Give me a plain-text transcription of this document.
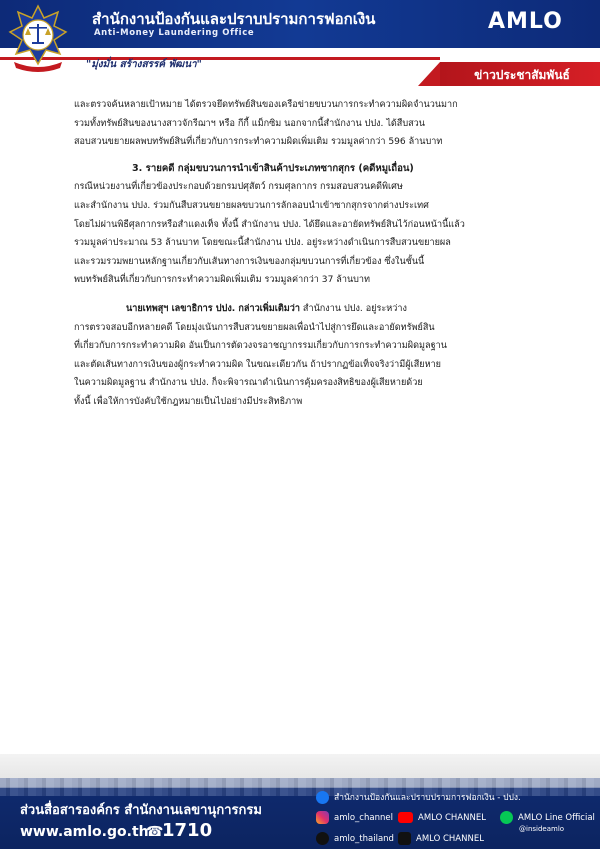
สำนักงานป้องกันและปราบปรามการฟอกเงิน
Anti-Money Laundering Office	AMLO
"มุ่งมั่น สร้างสรรค์ พัฒนา"
ข่าวประชาสัมพันธ์

และตรวจค้นหลายเป้าหมาย ได้ตรวจยึดทรัพย์สินของเครือข่ายขบวนการกระทำความผิดจำนวนมาก
รวมทั้งทรัพย์สินของนางสาวจักรีฌาฯ หรือ กีกี้ แม็กซิม นอกจากนี้สำนักงาน ปปง. ได้สืบสวน
สอบสวนขยายผลพบทรัพย์สินที่เกี่ยวกับการกระทำความผิดเพิ่มเติม รวมมูลค่ากว่า 596 ล้านบาท

3. รายคดี กลุ่มขบวนการนำเข้าสินค้าประเภทซากสุกร (คดีหมูเถื่อน)

กรณีหน่วยงานที่เกี่ยวข้องประกอบด้วยกรมปศุสัตว์ กรมศุลกากร กรมสอบสวนคดีพิเศษ
และสำนักงาน ปปง. ร่วมกันสืบสวนขยายผลขบวนการลักลอบนำเข้าซากสุกรจากต่างประเทศ
โดยไม่ผ่านพิธีศุลกากรหรือสำแดงเท็จ ทั้งนี้ สำนักงาน ปปง. ได้ยึดและอายัดทรัพย์สินไว้ก่อนหน้านี้แล้ว
รวมมูลค่าประมาณ 53 ล้านบาท โดยขณะนี้สำนักงาน ปปง. อยู่ระหว่างดำเนินการสืบสวนขยายผล
และรวมรวมพยานหลักฐานเกี่ยวกับเส้นทางการเงินของกลุ่มขบวนการที่เกี่ยวข้อง ซึ่งในชั้นนี้
พบทรัพย์สินที่เกี่ยวกับการกระทำความผิดเพิ่มเติม รวมมูลค่ากว่า 37 ล้านบาท

นายเทพสุฯ เลขาธิการ ปปง. กล่าวเพิ่มเติมว่า สำนักงาน ปปง. อยู่ระหว่าง
การตรวจสอบอีกหลายคดี โดยมุ่งเน้นการสืบสวนขยายผลเพื่อนำไปสู่การยึดและอายัดทรัพย์สิน
ที่เกี่ยวกับการกระทำความผิด อันเป็นการตัดวงจรอาชญากรรมเกี่ยวกับการกระทำความผิดมูลฐาน
และตัดเส้นทางการเงินของผู้กระทำความผิด ในขณะเดียวกัน ถ้าปรากฏข้อเท็จจริงว่ามีผู้เสียหาย
ในความผิดมูลฐาน สำนักงาน ปปง. ก็จะพิจารณาดำเนินการคุ้มครองสิทธิของผู้เสียหายด้วย
ทั้งนี้ เพื่อให้การบังคับใช้กฎหมายเป็นไปอย่างมีประสิทธิภาพ

ส่วนสื่อสารองค์กร สำนักงานเลขานุการกรม
www.amlo.go.th
☎
1710
สำนักงานป้องกันและปราบปรามการฟอกเงิน - ปปง.
amlo_channel	AMLO CHANNEL	AMLO Line Official
@insideamlo
amlo_thailand	AMLO CHANNEL
